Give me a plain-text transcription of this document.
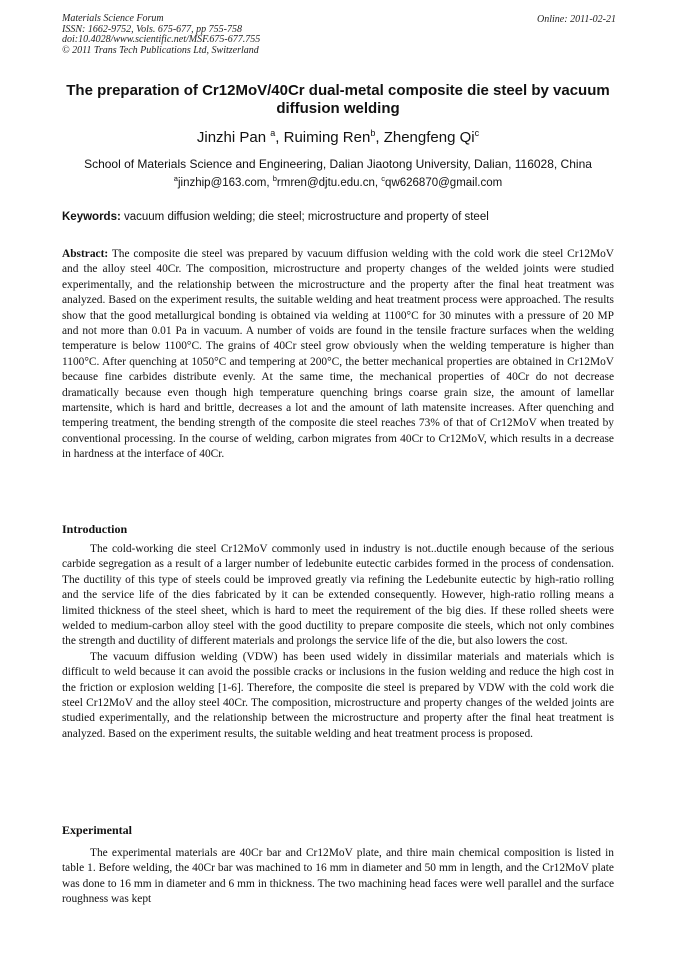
Materials Science Forum
ISSN: 1662-9752, Vols. 675-677, pp 755-758
doi:10.4028/www.scientific.net/MSF.675-677.755
© 2011 Trans Tech Publications Ltd, Switzerland
Online: 2011-02-21
The preparation of Cr12MoV/40Cr dual-metal composite die steel by vacuum diffusion welding
Jinzhi Pan $^a$, Ruiming Ren$^b$, Zhengfeng Qi$^c$
School of Materials Science and Engineering, Dalian Jiaotong University, Dalian, 116028, China
$^a$jinzhip@163.com, $^b$rmren@djtu.edu.cn, $^c$qw626870@gmail.com
Keywords: vacuum diffusion welding; die steel; microstructure and property of steel
Abstract: The composite die steel was prepared by vacuum diffusion welding with the cold work die steel Cr12MoV and the alloy steel 40Cr. The composition, microstructure and property changes of the welded joints were studied experimentally, and the relationship between the microstructure and the property after the final heat treatment was analyzed. Based on the experiment results, the suitable welding and heat treatment process were approached. The results show that the good metallurgical bonding is obtained via welding at 1100°C for 30 minutes with a pressure of 20 MP and not more than 0.01 Pa in vacuum. A number of voids are found in the tensile fracture surfaces when the welding temperature is below 1100°C. The grains of 40Cr steel grow obviously when the welding temperature is higher than 1100°C. After quenching at 1050°C and tempering at 200°C, the better mechanical properties are obtained in Cr12MoV because fine carbides distribute evenly. At the same time, the mechanical properties of 40Cr do not decrease dramatically because even though high temperature quenching brings coarse grain size, the amount of lamellar martensite, which is hard and brittle, decreases a lot and the amount of lath matensite increases. After quenching and tempering treatment, the bending strength of the composite die steel reaches 73% of that of Cr12MoV when treated by conventional processing. In the course of welding, carbon migrates from 40Cr to Cr12MoV, which results in a decrease in hardness at the interface of 40Cr.
Introduction

The cold-working die steel Cr12MoV commonly used in industry is not..ductile enough because of the serious carbide segregation as a result of a larger number of ledebunite eutectic carbides formed in the process of condensation. The ductility of this type of steels could be improved greatly via refining the Ledebunite eutectic by high-ratio rolling and the service life of the dies fabricated by it can be extended consequently. However, high-ratio rolling means a limited thickness of the steel sheet, which is hard to meet the requirement of the big dies. If these rolled sheets were welded to medium-carbon alloy steel with the good ductility to prepare composite die steels, which not only combines the strength and ductility of different materials and prolongs the service life of the die, but also lowers the cost.

The vacuum diffusion welding (VDW) has been used widely in dissimilar materials and materials which is difficult to weld because it can avoid the possible cracks or inclusions in the fusion welding and reduce the high cost in the friction or explosion welding [1-6]. Therefore, the composite die steel is prepared by VDW with the cold work die steel Cr12MoV and the alloy steel 40Cr. The composition, microstructure and property changes of the welded joints are studied experimentally, and the relationship between the microstructure and property after the final heat treatment is analyzed. Based on the experiment results, the suitable welding and heat treatment process is proposed.

Experimental

The experimental materials are 40Cr bar and Cr12MoV plate, and thire main chemical composition is listed in table 1. Before welding, the 40Cr bar was machined to 16 mm in diameter and 50 mm in length, and the Cr12MoV plate was done to 16 mm in diameter and 6 mm in thickness. The two machining head faces were well parallel and the surface roughness was kept
